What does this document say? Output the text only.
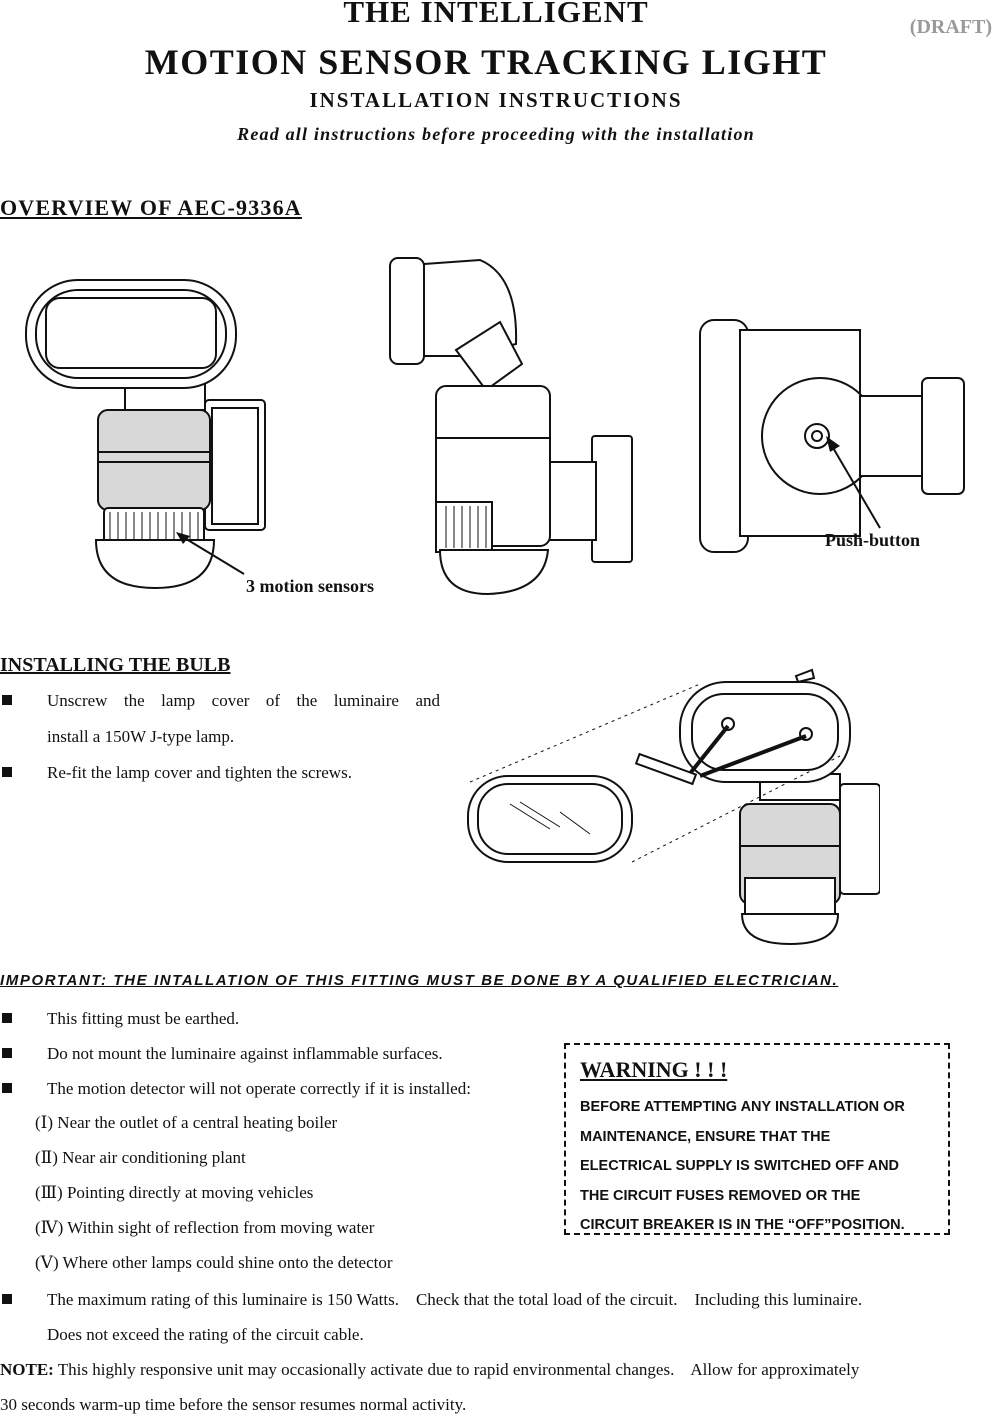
THE INTELLIGENT
MOTION SENSOR TRACKING LIGHT
INSTALLATION INSTRUCTIONS
Read all instructions before proceeding with the installation
(DRAFT)
OVERVIEW OF AEC-9336A
3 motion sensors
Push-button
INSTALLING THE BULB
Unscrew the lamp cover of the luminaire and
install a 150W J-type lamp.
Re-fit the lamp cover and tighten the screws.
IMPORTANT: THE INTALLATION OF THIS FITTING MUST BE DONE BY A QUALIFIED ELECTRICIAN.
This fitting must be earthed.
Do not mount the luminaire against inflammable surfaces.
The motion detector will not operate correctly if it is installed:
(Ⅰ) Near the outlet of a central heating boiler
(Ⅱ) Near air conditioning plant
(Ⅲ) Pointing directly at moving vehicles
(Ⅳ) Within sight of reflection from moving water
(Ⅴ) Where other lamps could shine onto the detector
The maximum rating of this luminaire is 150 Watts.    Check that the total load of the circuit.    Including this luminaire.
Does not exceed the rating of the circuit cable.
WARNING ! ! !
BEFORE ATTEMPTING ANY INSTALLATION OR
MAINTENANCE, ENSURE THAT THE
ELECTRICAL SUPPLY IS SWITCHED OFF AND
THE CIRCUIT FUSES REMOVED OR THE
CIRCUIT BREAKER IS IN THE “OFF”POSITION.
NOTE: This highly responsive unit may occasionally activate due to rapid environmental changes.    Allow for approximately
30 seconds warm-up time before the sensor resumes normal activity.
